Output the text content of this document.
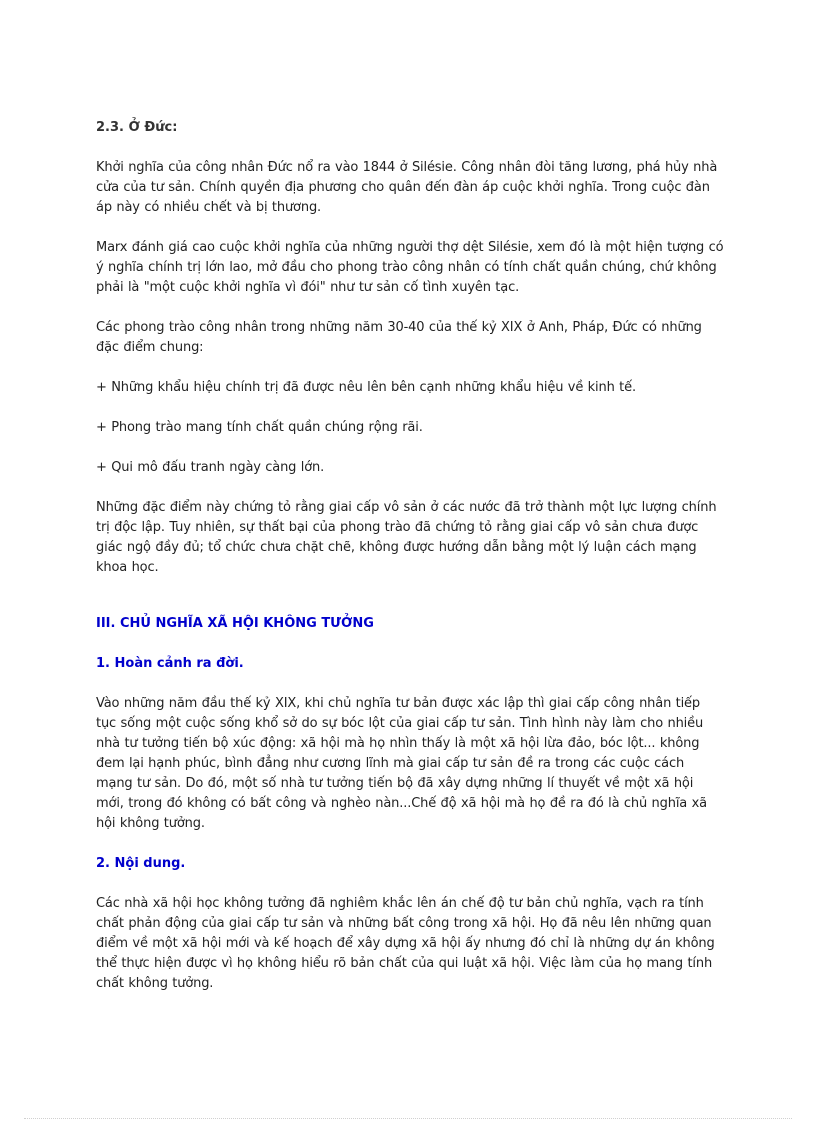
2.3. Ở Đức:

Khởi nghĩa của công nhân Đức nổ ra vào 1844 ở Silésie. Công nhân đòi tăng lương, phá hủy nhà cửa của tư sản. Chính quyền địa phương cho quân đến đàn áp cuộc khởi nghĩa. Trong cuộc đàn áp này có nhiều chết và bị thương.

Marx đánh giá cao cuộc khởi nghĩa của những người thợ dệt Silésie, xem đó là một hiện tượng có ý nghĩa chính trị lớn lao, mở đầu cho phong trào công nhân có tính chất quần chúng, chứ không phải là "một cuộc khởi nghĩa vì đói" như tư sản cố tình xuyên tạc.

Các phong trào công nhân trong những năm 30-40 của thế kỷ XIX ở Anh, Pháp, Đức có những đặc điểm chung:

+ Những khẩu hiệu chính trị đã được nêu lên bên cạnh những khẩu hiệu về kinh tế.

+ Phong trào mang tính chất quần chúng rộng rãi.

+ Qui mô đấu tranh ngày càng lớn.

Những đặc điểm này chứng tỏ rằng giai cấp vô sản ở các nước đã trở thành một lực lượng chính trị độc lập. Tuy nhiên, sự thất bại của phong trào đã chứng tỏ rằng giai cấp vô sản chưa được giác ngộ đầy đủ; tổ chức chưa chặt chẽ, không được hướng dẫn bằng một lý luận cách mạng khoa học.

III. CHỦ NGHĨA XÃ HỘI KHÔNG TƯỞNG
1. Hoàn cảnh ra đời.

Vào những năm đầu thế kỷ XIX, khi chủ nghĩa tư bản được xác lập thì giai cấp công nhân tiếp tục sống một cuộc sống khổ sở do sự bóc lột của giai cấp tư sản. Tình hình này làm cho nhiều nhà tư tưởng tiến bộ xúc động: xã hội mà họ nhìn thấy là một xã hội lừa đảo, bóc lột... không đem lại hạnh phúc, bình đẳng như cương lĩnh mà giai cấp tư sản đề ra trong các cuộc cách mạng tư sản. Do đó, một số nhà tư tưởng tiến bộ đã xây dựng những lí thuyết về một xã hội mới, trong đó không có bất công và nghèo nàn...Chế độ xã hội mà họ đề ra đó là chủ nghĩa xã hội không tưởng.

2. Nội dung.

Các nhà xã hội học không tưởng đã nghiêm khắc lên án chế độ tư bản chủ nghĩa, vạch ra tính chất phản động của giai cấp tư sản và những bất công trong xã hội. Họ đã nêu lên những quan điểm về một xã hội mới và kế hoạch để xây dựng xã hội ấy nhưng đó chỉ là những dự án không thể thực hiện được vì họ không hiểu rõ bản chất của qui luật xã hội. Việc làm của họ mang tính chất không tưởng.
